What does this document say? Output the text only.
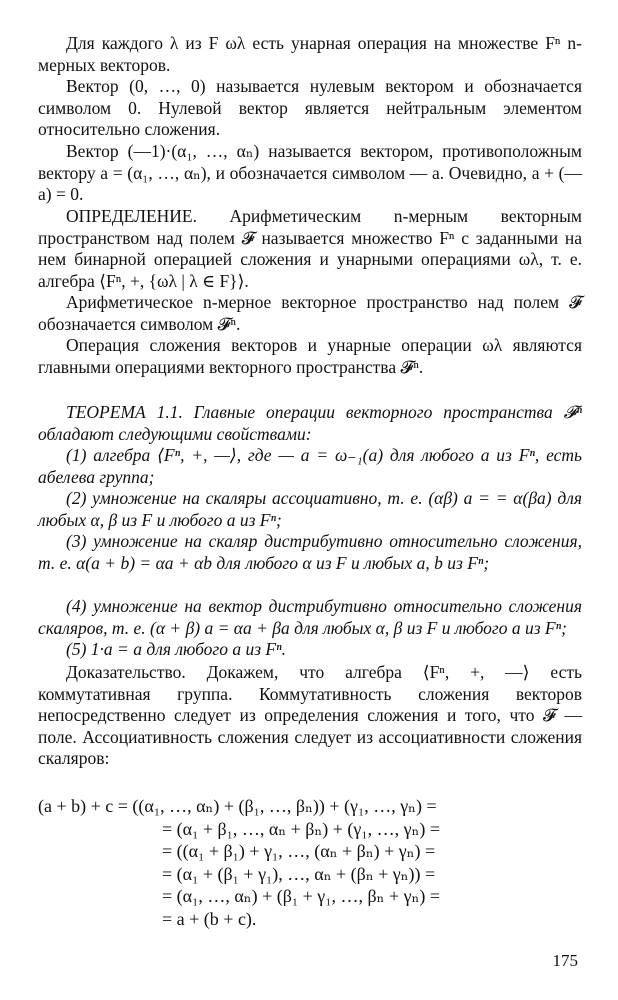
Для каждого λ из F ωλ есть унарная операция на множестве Fⁿ n-мерных векторов.
Вектор (0, …, 0) называется нулевым вектором и обозначается символом 0. Нулевой вектор является нейтральным элементом относительно сложения.
Вектор (—1)·(α₁, …, αₙ) называется вектором, противоположным вектору a = (α₁, …, αₙ), и обозначается символом — a. Очевидно, a + (— a) = 0.
ОПРЕДЕЛЕНИЕ. Арифметическим n-мерным векторным пространством над полем 𝓕 называется множество Fⁿ с заданными на нем бинарной операцией сложения и унарными операциями ωλ, т. е. алгебра ⟨Fⁿ, +, {ωλ | λ ∈ F}⟩.
Арифметическое n-мерное векторное пространство над полем 𝓕 обозначается символом 𝓕ⁿ.
Операция сложения векторов и унарные операции ωλ являются главными операциями векторного пространства 𝓕ⁿ.
ТЕОРЕМА 1.1. Главные операции векторного пространства 𝓕ⁿ обладают следующими свойствами:
(1) алгебра ⟨Fⁿ, +, —⟩, где — a = ω₋₁(a) для любого a из Fⁿ, есть абелева группа;
(2) умножение на скаляры ассоциативно, т. е. (αβ) a = = α(βa) для любых α, β из F и любого a из Fⁿ;
(3) умножение на скаляр дистрибутивно относительно сложения, т. е. α(a + b) = αa + αb для любого α из F и любых a, b из Fⁿ;
(4) умножение на вектор дистрибутивно относительно сложения скаляров, т. е. (α + β) a = αa + βa для любых α, β из F и любого a из Fⁿ;
(5) 1·a = a для любого a из Fⁿ.
Доказательство. Докажем, что алгебра ⟨Fⁿ, +, —⟩ есть коммутативная группа. Коммутативность сложения векторов непосредственно следует из определения сложения и того, что 𝓕 — поле. Ассоциативность сложения следует из ассоциативности сложения скаляров:
(a + b) + c = ((α₁, …, αₙ) + (β₁, …, βₙ)) + (γ₁, …, γₙ) =
= (α₁ + β₁, …, αₙ + βₙ) + (γ₁, …, γₙ) =
= ((α₁ + β₁) + γ₁, …, (αₙ + βₙ) + γₙ) =
= (α₁ + (β₁ + γ₁), …, αₙ + (βₙ + γₙ)) =
= (α₁, …, αₙ) + (β₁ + γ₁, …, βₙ + γₙ) =
= a + (b + c).
175
